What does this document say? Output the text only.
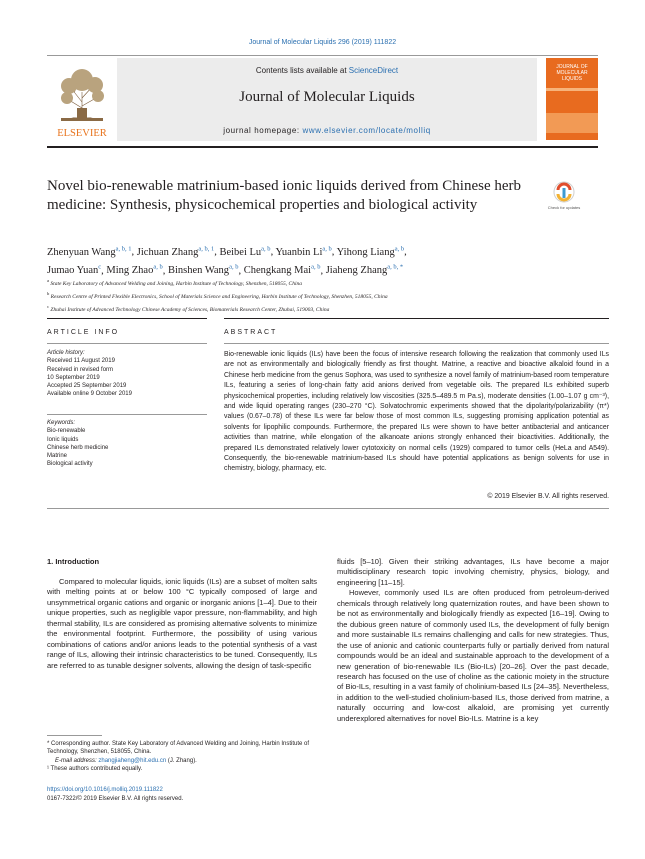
Journal of Molecular Liquids 296 (2019) 111822
ELSEVIER
Contents lists available at ScienceDirect
Journal of Molecular Liquids
journal homepage: www.elsevier.com/locate/molliq
JOURNAL OF MOLECULAR LIQUIDS
Novel bio-renewable matrinium-based ionic liquids derived from Chinese herb medicine: Synthesis, physicochemical properties and biological activity	Check for updates
Zhenyuan Wang$^{a, b, 1}$, Jichuan Zhang$^{a, b, 1}$, Beibei Lu$^{a, b}$, Yuanbin Li$^{a, b}$, Yihong Liang$^{a, b}$,
Jumao Yuan$^c$, Ming Zhao$^{a, b}$, Binshen Wang$^{a, b}$, Chengkang Mai$^{a, b}$, Jiaheng Zhang$^{a, b, *}$
$^a$ State Key Laboratory of Advanced Welding and Joining, Harbin Institute of Technology, Shenzhen, 518055, China
$^b$ Research Centre of Printed Flexible Electronics, School of Materials Science and Engineering, Harbin Institute of Technology, Shenzhen, 518055, China
$^c$ Zhuhai Institute of Advanced Technology Chinese Academy of Sciences, Biomaterials Research Center, Zhuhai, 519003, China
ARTICLE INFO
Article history:
Received 11 August 2019
Received in revised form
10 September 2019
Accepted 25 September 2019
Available online 9 October 2019
Keywords:
Bio-renewable
Ionic liquids
Chinese herb medicine
Matrine
Biological activity
ABSTRACT
Bio-renewable ionic liquids (ILs) have been the focus of intensive research following the realization that commonly used ILs are not as environmentally and biologically friendly as first thought. Matrine, a reactive and bioactive alkaloid found in a Chinese herb medicine from the genus Sophora, was used to synthesize a novel family of matrinium-based room temperature ILs, featuring a series of long-chain fatty acid anions derived from vegetable oils. The prepared ILs exhibited superb physicochemical properties, including relatively low viscosities (325.5–489.5 m Pa.s), moderate densities (1.00–1.07 g cm⁻³), and wide liquid operating ranges (230–270 °C). Solvatochromic experiments showed that the dipolarity/polarizability (π*) values (0.67–0.78) of these ILs were far below those of most common ILs, suggesting promising application potential as solvents for lipophilic compounds. Furthermore, the prepared ILs were shown to have better antibacterial and anticancer activities than matrine, while elongation of the alkanoate anions strongly enhanced their bioactivities. Additionally, the prepared ILs demonstrated relatively lower cytotoxicity on normal cells (1929) compared to tumor cells (HeLa and A549). Consequently, the bio-renewable matrinium-based ILs should have potential applications as benign solvents for use in chemistry, biology, pharmacy, etc.
© 2019 Elsevier B.V. All rights reserved.
1. Introduction

Compared to molecular liquids, ionic liquids (ILs) are a subset of molten salts with melting points at or below 100 °C typically composed of large and unsymmetrical organic cations and organic or inorganic anions [1–4]. Due to their unique properties, such as negligible vapor pressure, non-flammability, and high thermal stability, ILs are considered as promising alternative solvents to minimize the environmental footprint. Furthermore, the possibility of using various combinations of cations and/or anions leads to the potential synthesis of a vast range of ILs, allowing their intrinsic characteristics to be tuned. Consequently, ILs are referred to as tunable designer solvents, allowing the design of task-specific

fluids [5–10]. Given their striking advantages, ILs have become a major multidisciplinary research topic involving chemistry, physics, biology, and engineering [11–15].

However, commonly used ILs are often produced from petroleum-derived chemicals through relatively long quaternization routes, and have been shown to be not as environmentally and biologically friendly as expected [16–19]. Owing to the dubious green nature of commonly used ILs, the development of fully benign and more sustainable ILs remains challenging and calls for new strategies. Thus, the use of anionic and cationic counterparts fully or partially derived from natural compounds would be an ideal and sustainable approach to the development of a new generation of bio-renewable ILs (Bio-ILs) [20–26]. Over the past decade, research has focused on the use of choline as the cationic moiety in the structure of Bio-ILs, resulting in a vast family of cholinium-based ILs [24–35]. Nevertheless, in addition to the well-studied cholinium-based ILs, those derived from matrine, a naturally occurring and low-cost alkaloid, are promising yet currently underexplored alternatives for novel Bio-ILs. Matrine is a key

* Corresponding author. State Key Laboratory of Advanced Welding and Joining, Harbin Institute of Technology, Shenzhen, 518055, China.
E-mail address: zhangjiaheng@hit.edu.cn (J. Zhang).
¹ These authors contributed equally.
https://doi.org/10.1016/j.molliq.2019.111822
0167-7322/© 2019 Elsevier B.V. All rights reserved.
